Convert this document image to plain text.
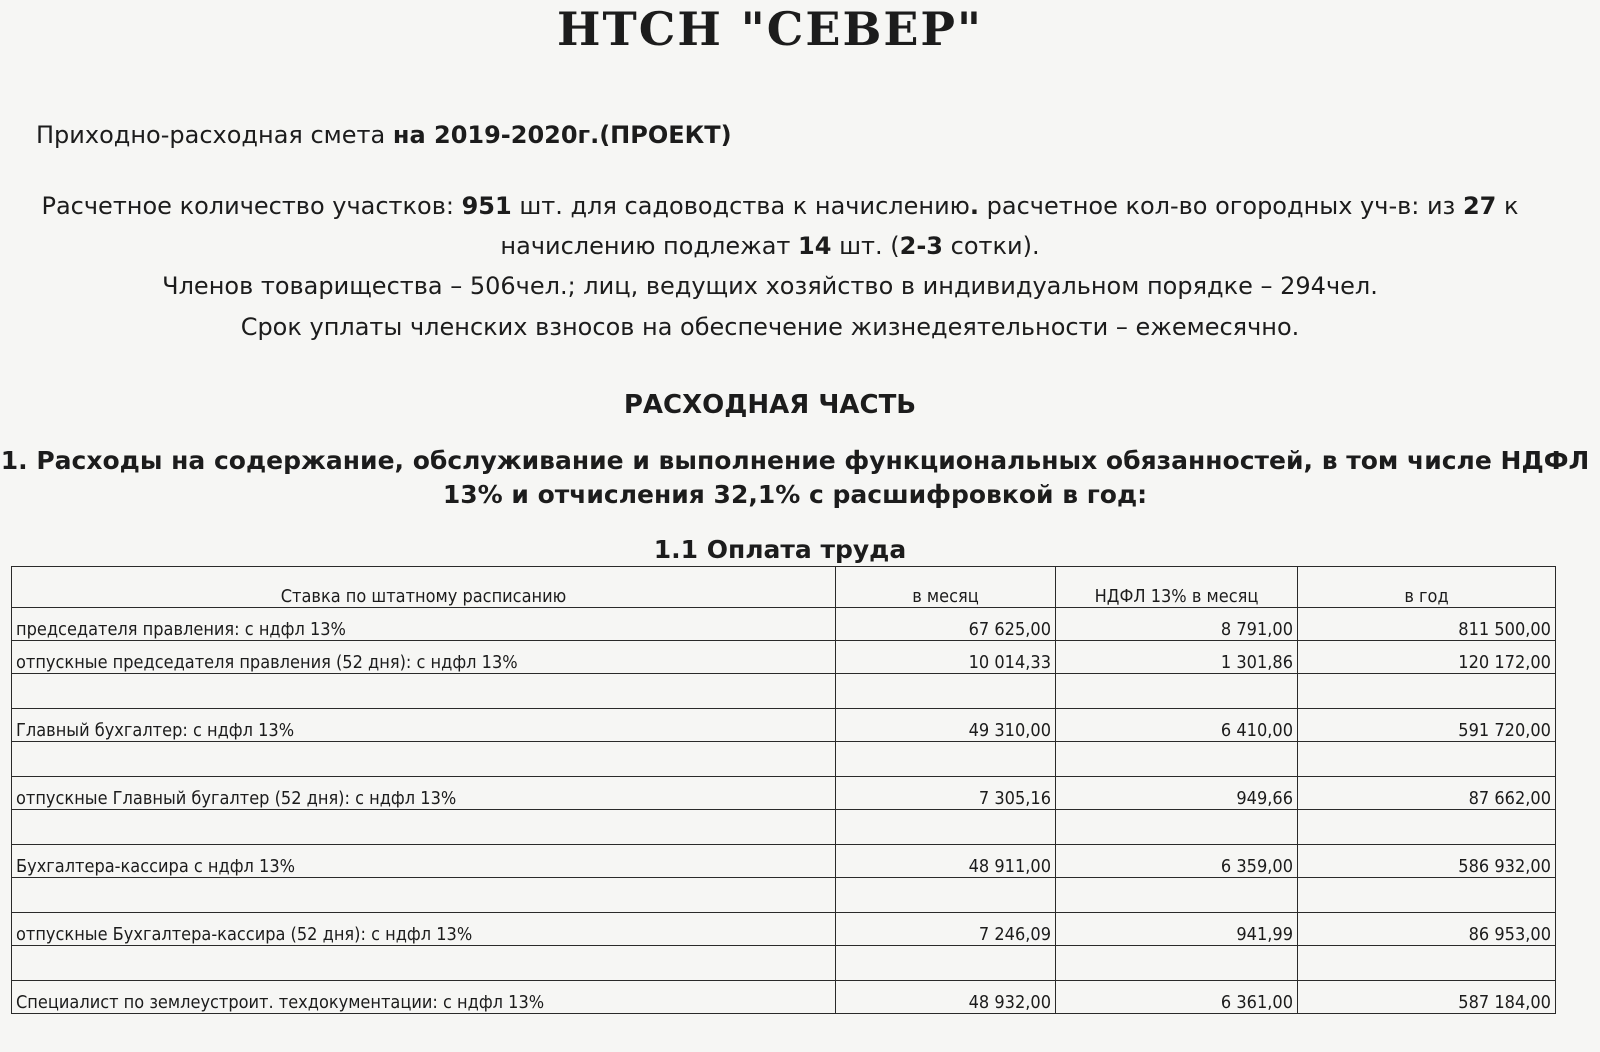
НТСН "СЕВЕР"
Приходно-расходная смета на 2019-2020г.(ПРОЕКТ)
Расчетное количество участков: 951 шт. для садоводства к начислению. расчетное кол-во огородных уч-в: из 27 к
начислению подлежат 14 шт. (2-3 сотки).
Членов товарищества – 506чел.; лиц, ведущих хозяйство в индивидуальном порядке – 294чел.
Срок уплаты членских взносов на обеспечение жизнедеятельности – ежемесячно.
РАСХОДНАЯ ЧАСТЬ
1. Расходы на содержание, обслуживание и выполнение функциональных обязанностей, в том числе НДФЛ
13% и отчисления 32,1% с расшифровкой в год:
1.1 Оплата труда
Ставка по штатному расписанию	в месяц	НДФЛ 13% в месяц	в год
председателя правления: с ндфл 13%	67 625,00	8 791,00	811 500,00
отпускные председателя правления (52 дня): с ндфл 13%	10 014,33	1 301,86	120 172,00

Главный бухгалтер: с ндфл 13%	49 310,00	6 410,00	591 720,00

отпускные Главный бугалтер (52 дня): с ндфл 13%	7 305,16	949,66	87 662,00

Бухгалтера-кассира с ндфл 13%	48 911,00	6 359,00	586 932,00

отпускные Бухгалтера-кассира (52 дня): с ндфл 13%	7 246,09	941,99	86 953,00

Специалист по землеустроит. техдокументации: с ндфл 13%	48 932,00	6 361,00	587 184,00
